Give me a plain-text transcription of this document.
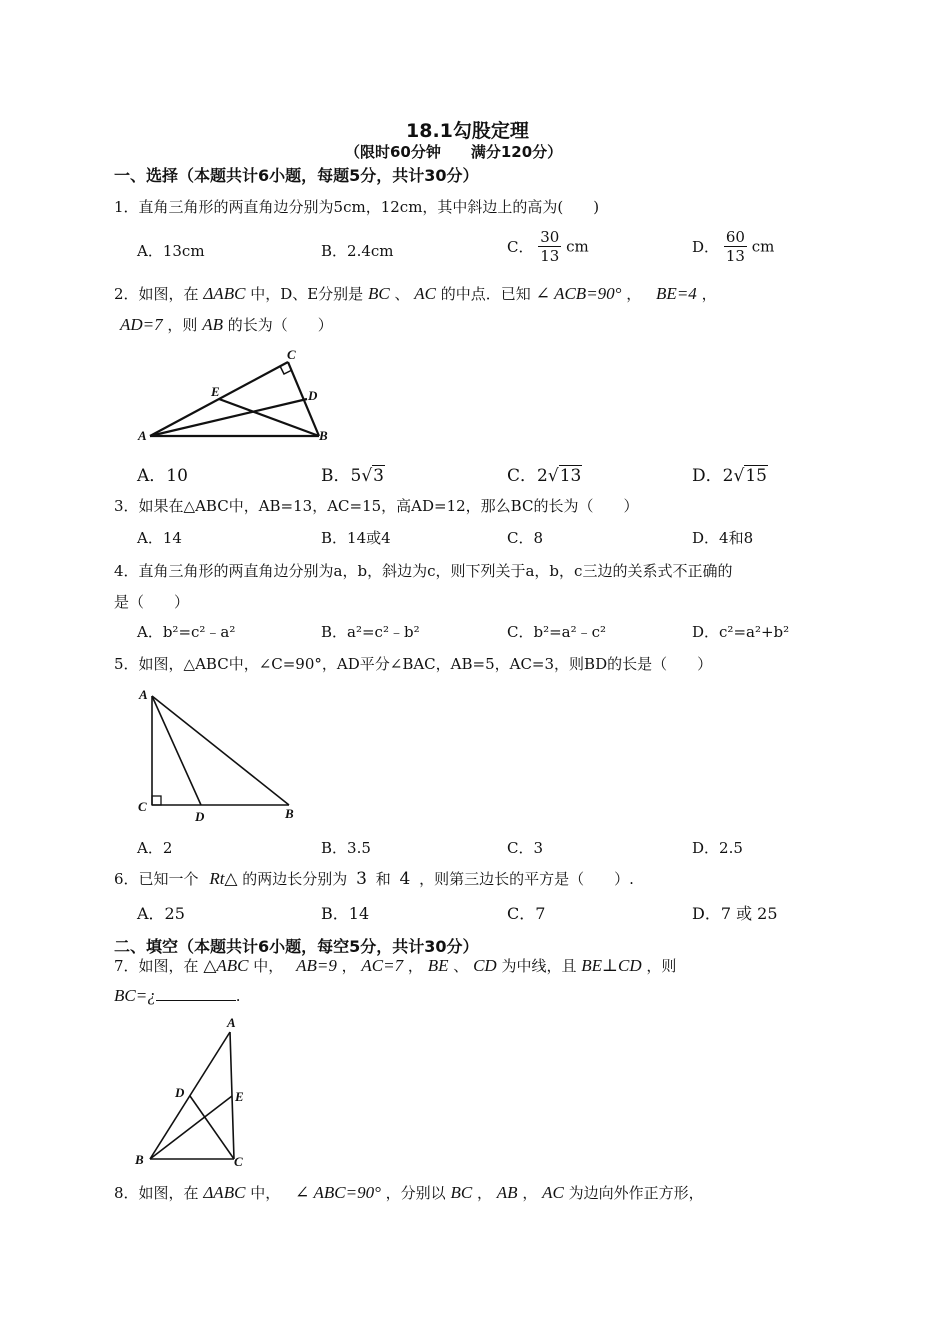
18.1勾股定理
（限时60分钟　　满分120分）
一、选择（本题共计6小题，每题5分，共计30分）
1．直角三角形的两直角边分别为5cm，12cm，其中斜边上的高为(　　)
A．13cm	B．2.4cm	C． $\frac{30}{13}$ cm	D． $\frac{60}{13}$ cm
2．如图，在 ΔABC 中，D、E分别是 BC 、 AC 的中点．已知 ∠ ACB=90° ， BE=4 ，
AD=7 ，则 AB 的长为（　　）
A	B
C
D
E
A．10	B．5√3	C．2√13	D．2√15
3．如果在△ABC中，AB=13，AC=15，高AD=12，那么BC的长为（　　）
A．14	B．14或4	C．8	D．4和8
4．直角三角形的两直角边分别为a，b，斜边为c，则下列关于a，b，c三边的关系式不正确的
是（　　）
A．b²=c²﹣a²	B．a²=c²﹣b²	C．b²=a²﹣c²	D．c²=a²+b²
5．如图，△ABC中，∠C=90°，AD平分∠BAC，AB=5，AC=3，则BD的长是（　　）
A
C
D	B
A．2	B．3.5	C．3	D．2.5
6．已知一个 Rt△ 的两边长分别为 3 和 4 ，则第三边长的平方是（　　）.
A．25	B．14	C．7	D．7 或 25
二、填空（本题共计6小题，每空5分，共计30分）
7．如图，在 △ABC 中， AB=9 ， AC=7 ， BE 、 CD 为中线，且 BE⊥CD ，则
BC=¿	.
A
B	C
D	E
8．如图，在 ΔABC 中， ∠ ABC=90° ，分别以 BC ， AB ， AC 为边向外作正方形，
